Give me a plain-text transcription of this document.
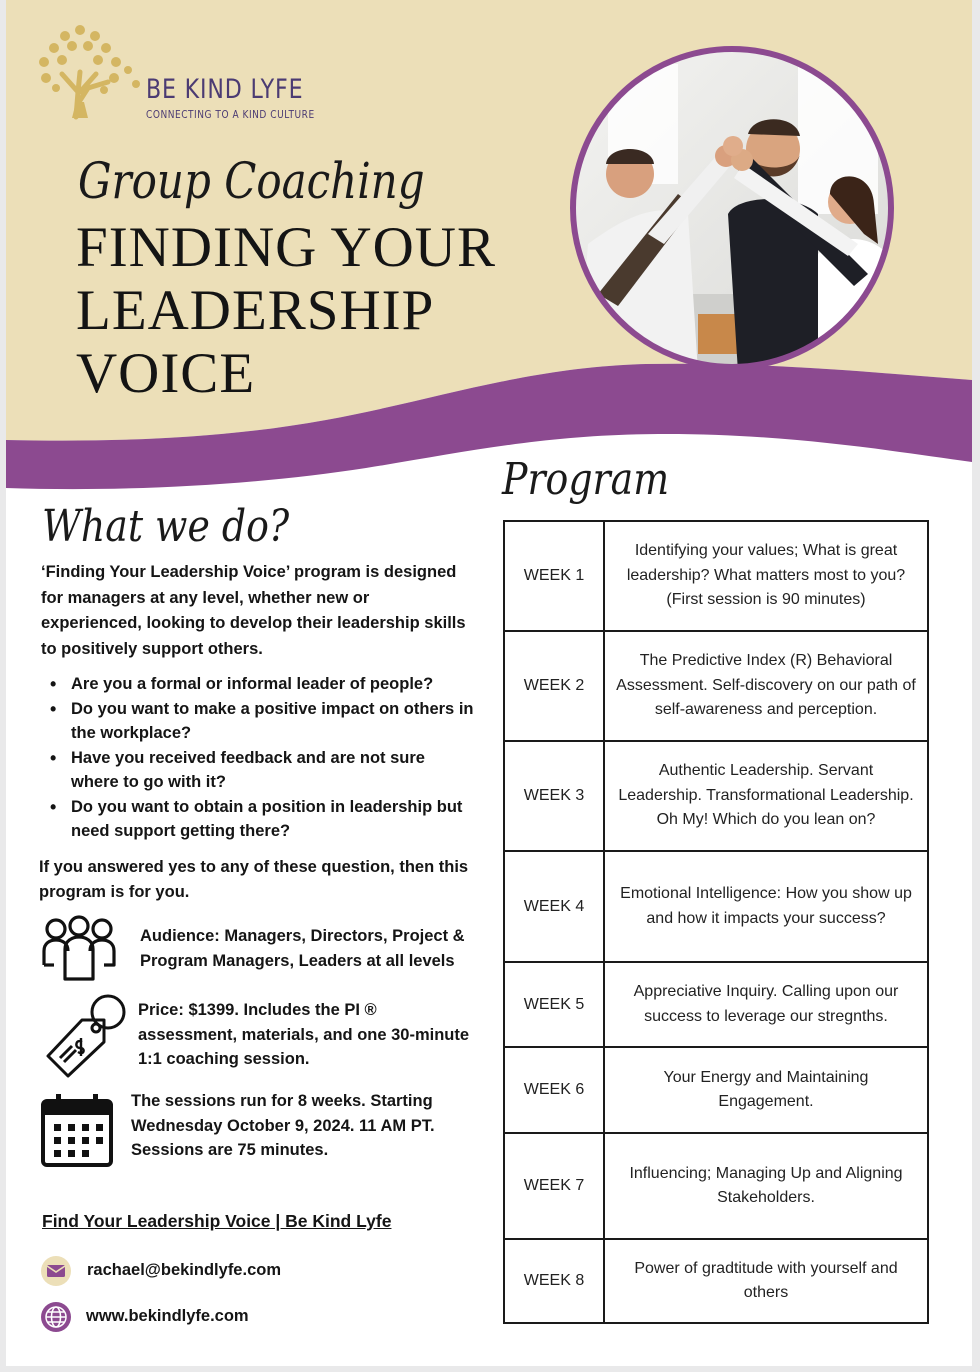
BE KIND LYFE
CONNECTING TO A KIND CULTURE
Group Coaching
FINDING YOUR
LEADERSHIP
VOICE
What we do?

‘Finding Your Leadership Voice’ program is designed for managers at any level, whether new or experienced, looking to develop their leadership skills to positively support others.

• Are you a formal or informal leader of people?
• Do you want to make a positive impact on others in the workplace?
• Have you received feedback and are not sure where to go with it?
• Do you want to obtain a position in leadership but need support getting there?

If you answered yes to any of these question, then this program is for you.

Audience: Managers, Directors, Project & Program Managers, Leaders at all levels

Price: $1399. Includes the PI ® assessment, materials, and one 30-minute 1:1 coaching session.

The sessions run for 8 weeks. Starting Wednesday October 9, 2024. 11 AM PT. Sessions are 75 minutes.

Find Your Leadership Voice | Be Kind Lyfe
rachael@bekindlyfe.com
www.bekindlyfe.com
Program
WEEK 1
Identifying your values; What is great leadership? What matters most to you? (First session is 90 minutes)
WEEK 2
The Predictive Index (R) Behavioral Assessment. Self-discovery on our path of self-awareness and perception.
WEEK 3
Authentic Leadership. Servant Leadership. Transformational Leadership. Oh My! Which do you lean on?
WEEK 4
Emotional Intelligence: How you show up and how it impacts your success?
WEEK 5
Appreciative Inquiry. Calling upon our success to leverage our stregnths.
WEEK 6
Your Energy and Maintaining Engagement.
WEEK 7
Influencing; Managing Up and Aligning Stakeholders.
WEEK 8
Power of gradtitude with yourself and others
